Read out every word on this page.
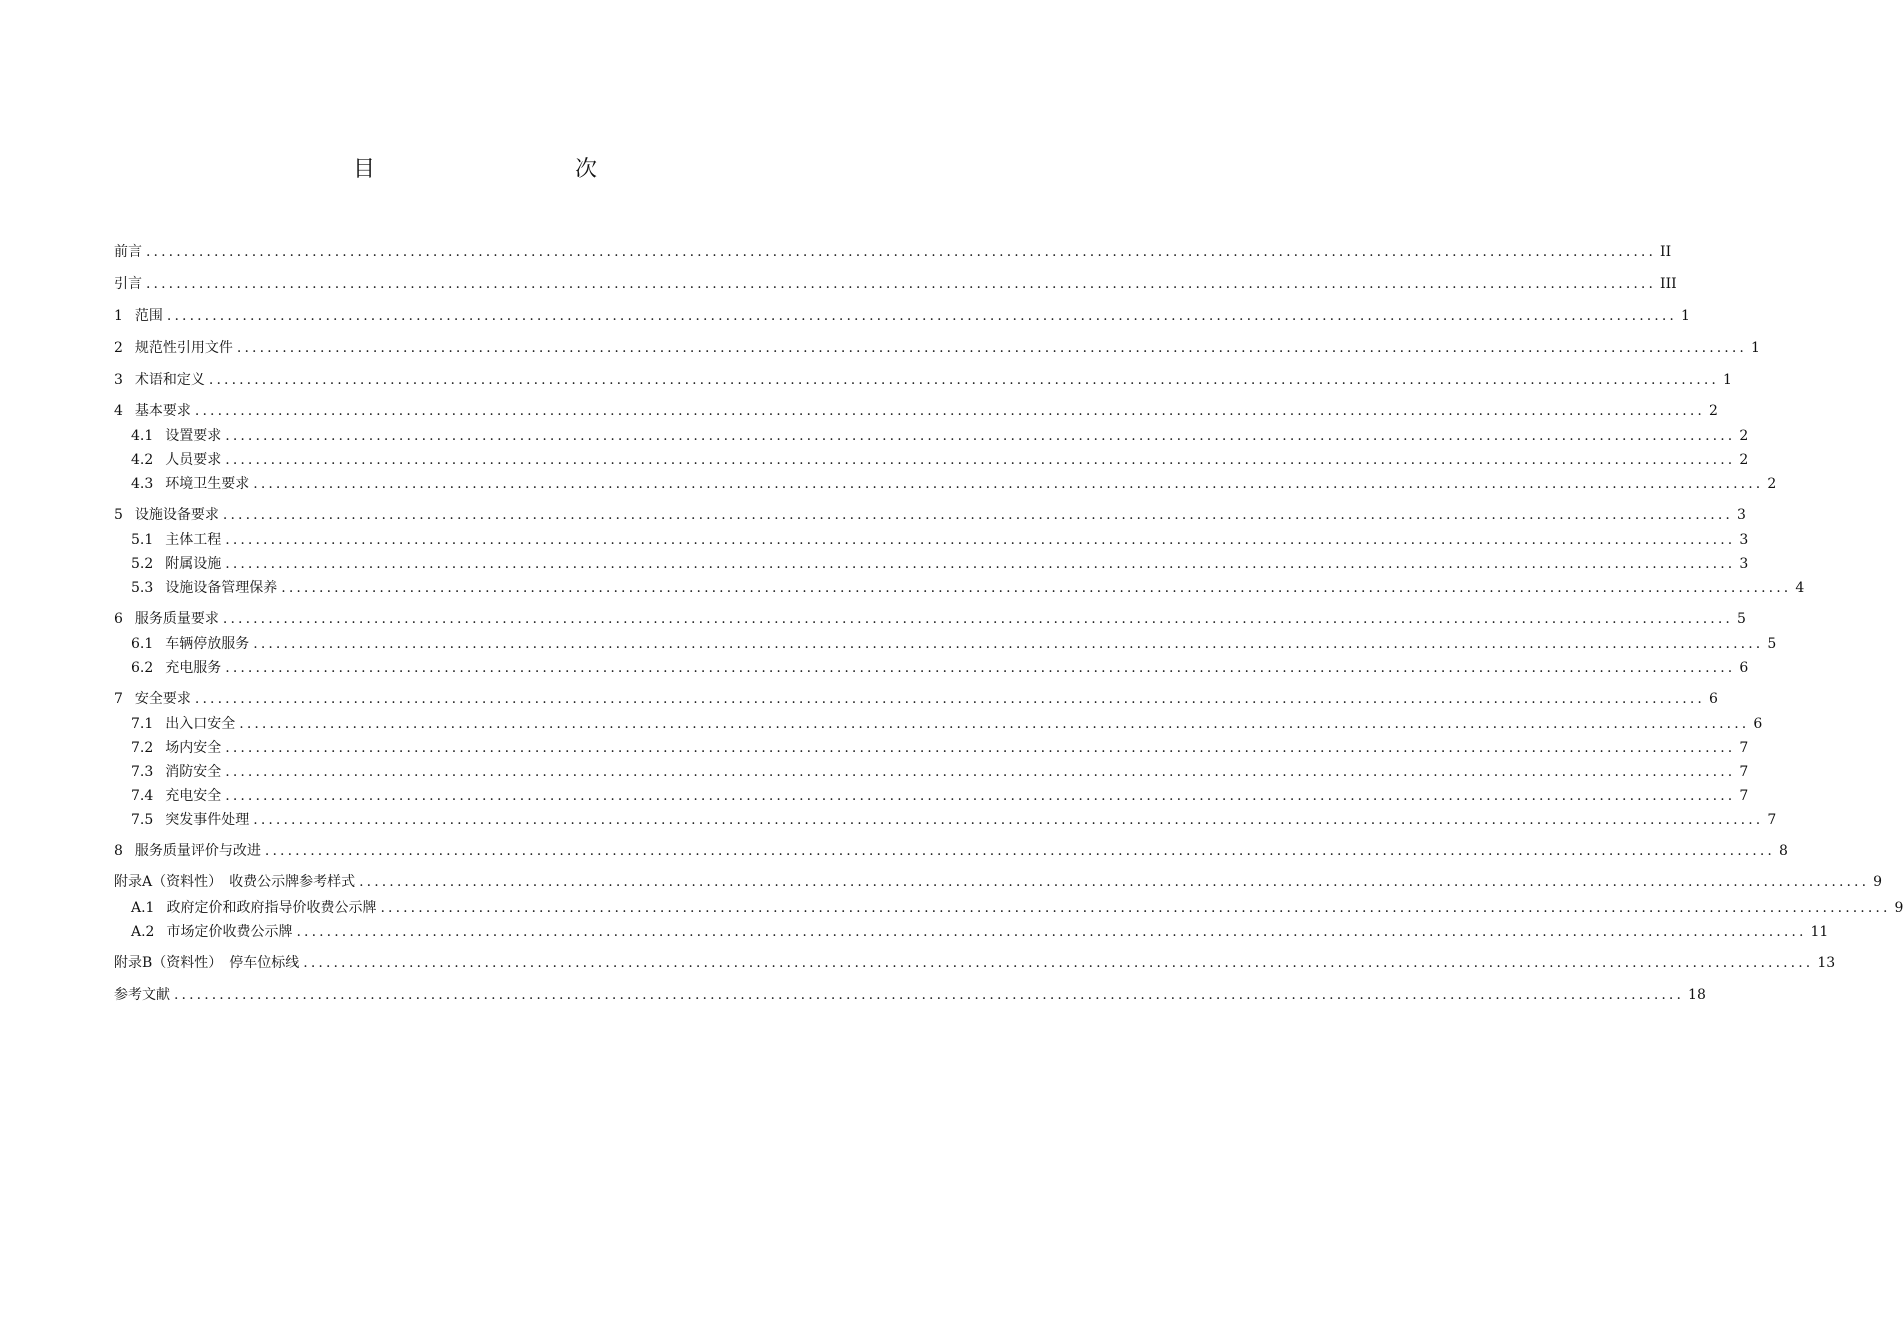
目　　次
前言 ........................................................................................................................................................................................................ II
引言 ........................................................................................................................................................................................................ III
1 范围 ........................................................................................................................................................................................................ 1
2 规范性引用文件 ........................................................................................................................................................................................................ 1
3 术语和定义 ........................................................................................................................................................................................................ 1
4 基本要求 ........................................................................................................................................................................................................ 2
4.1 设置要求 ........................................................................................................................................................................................................ 2
4.2 人员要求 ........................................................................................................................................................................................................ 2
4.3 环境卫生要求 ........................................................................................................................................................................................................ 2
5 设施设备要求 ........................................................................................................................................................................................................ 3
5.1 主体工程 ........................................................................................................................................................................................................ 3
5.2 附属设施 ........................................................................................................................................................................................................ 3
5.3 设施设备管理保养 ........................................................................................................................................................................................................ 4
6 服务质量要求 ........................................................................................................................................................................................................ 5
6.1 车辆停放服务 ........................................................................................................................................................................................................ 5
6.2 充电服务 ........................................................................................................................................................................................................ 6
7 安全要求 ........................................................................................................................................................................................................ 6
7.1 出入口安全 ........................................................................................................................................................................................................ 6
7.2 场内安全 ........................................................................................................................................................................................................ 7
7.3 消防安全 ........................................................................................................................................................................................................ 7
7.4 充电安全 ........................................................................................................................................................................................................ 7
7.5 突发事件处理 ........................................................................................................................................................................................................ 7
8 服务质量评价与改进 ........................................................................................................................................................................................................ 8
附录A（资料性）　收费公示牌参考样式 ........................................................................................................................................................................................................ 9
A.1 政府定价和政府指导价收费公示牌 ........................................................................................................................................................................................................ 9
A.2 市场定价收费公示牌 ........................................................................................................................................................................................................ 11
附录B（资料性）　停车位标线 ........................................................................................................................................................................................................ 13
参考文献 ........................................................................................................................................................................................................ 18
